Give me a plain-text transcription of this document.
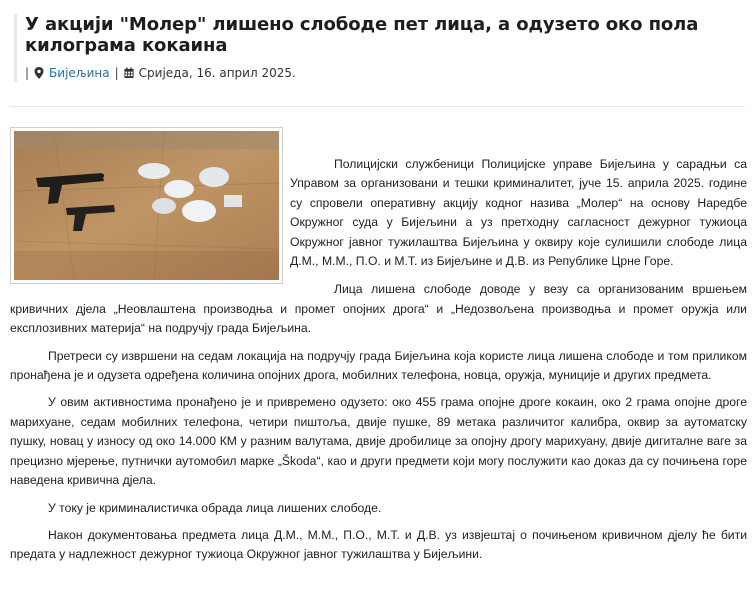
У акцији "Молер" лишено слободе пет лица, а одузето око пола килограма кокаина
| Бијељина | Сриједа, 16. април 2025.

Полицијски службеници Полицијске управе Бијељина у сарадњи са Управом за организовани и тешки криминалитет, јуче 15. априла 2025. године су спровели оперативну акцију кодног назива „Молер“ на основу Наредбе Окружног суда у Бијељини а уз претходну сагласност дежурног тужиоца Окружног јавног тужилаштва Бијељина у оквиру које сулишили слободе лица Д.М., М.М., П.О. и М.Т. из Бијељине и Д.В. из Републике Црне Горе.

Лица лишена слободе доводе у везу са организованим вршењем кривичних дјела „Неовлаштена производња и промет опојних дрога“ и „Недозвољена производња и промет оружја или експлозивних материја“ на подручју града Бијељина.

Претреси су извршени на седам локација на подручју града Бијељина која користе лица лишена слободе и том приликом пронађена је и одузета одређена количина опојних дрога, мобилних телефона, новца, оружја, муниције и других предмета.

У овим активностима пронађено је и привремено одузето: око 455 грама опојне дроге кокаин, око 2 грама опојне дроге марихуане, седам мобилних телефона, четири пиштоља, двије пушке, 89 метака различитог калибра, оквир за аутоматску пушку, новац у износу од око 14.000 КМ у разним валутама, двије дробилице за опојну дрогу марихуану, двије дигиталне ваге за прецизно мјерење, путнички аутомобил марке „Škoda“, као и други предмети који могу послужити као доказ да су почињена горе наведена кривична дјела.

У току је криминалистичка обрада лица лишених слободе.

Након документовања предмета лица Д.М., М.М., П.О., М.Т. и Д.В. уз извјештај о почињеном кривичном дјелу ће бити предата у надлежност дежурног тужиоца Окружног јавног тужилаштва у Бијељини.
